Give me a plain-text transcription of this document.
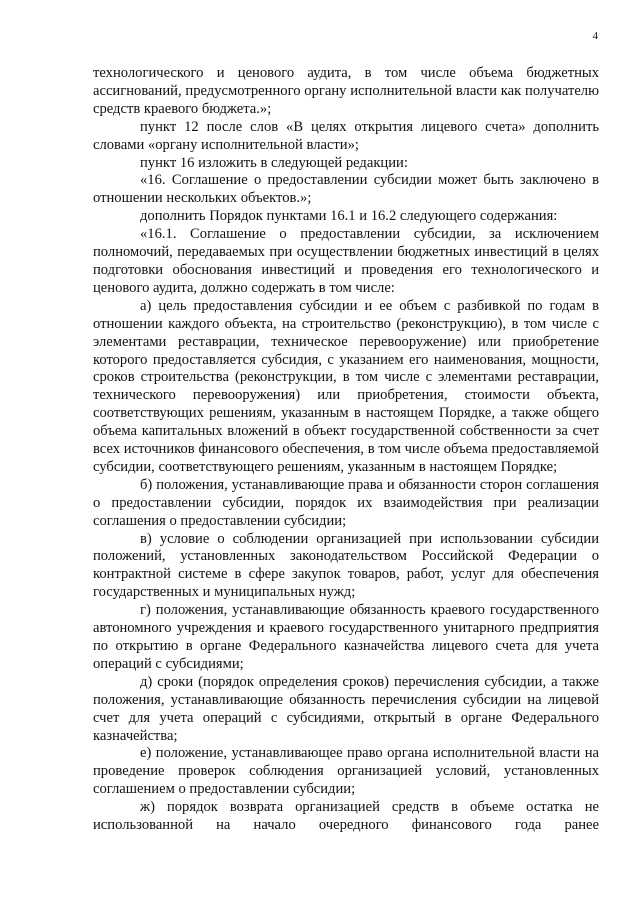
4

технологического и ценового аудита, в том числе объема бюджетных ассигнований, предусмотренного органу исполнительной власти как получателю средств краевого бюджета.»;

пункт 12 после слов «В целях открытия лицевого счета» дополнить словами «органу исполнительной власти»;

пункт 16 изложить в следующей редакции:

«16. Соглашение о предоставлении субсидии может быть заключено в отношении нескольких объектов.»;

дополнить Порядок пунктами 16.1 и 16.2 следующего содержания:

«16.1. Соглашение о предоставлении субсидии, за исключением полномочий, передаваемых при осуществлении бюджетных инвестиций в целях подготовки обоснования инвестиций и проведения его технологического и ценового аудита, должно содержать в том числе:

а) цель предоставления субсидии и ее объем с разбивкой по годам в отношении каждого объекта, на строительство (реконструкцию), в том числе с элементами реставрации, техническое перевооружение) или приобретение которого предоставляется субсидия, с указанием его наименования, мощности, сроков строительства (реконструкции, в том числе с элементами реставрации, технического перевооружения) или приобретения, стоимости объекта, соответствующих решениям, указанным в настоящем Порядке, а также общего объема капитальных вложений в объект государственной собственности за счет всех источников финансового обеспечения, в том числе объема предоставляемой субсидии, соответствующего решениям, указанным в настоящем Порядке;

б) положения, устанавливающие права и обязанности сторон соглашения о предоставлении субсидии, порядок их взаимодействия при реализации соглашения о предоставлении субсидии;

в) условие о соблюдении организацией при использовании субсидии положений, установленных законодательством Российской Федерации о контрактной системе в сфере закупок товаров, работ, услуг для обеспечения государственных и муниципальных нужд;

г) положения, устанавливающие обязанность краевого государственного автономного учреждения и краевого государственного унитарного предприятия по открытию в органе Федерального казначейства лицевого счета для учета операций с субсидиями;

д) сроки (порядок определения сроков) перечисления субсидии, а также положения, устанавливающие обязанность перечисления субсидии на лицевой счет для учета операций с субсидиями, открытый в органе Федерального казначейства;

е) положение, устанавливающее право органа исполнительной власти на проведение проверок соблюдения организацией условий, установленных соглашением о предоставлении субсидии;

ж) порядок возврата организацией средств в объеме остатка не использованной на начало очередного финансового года ранее
